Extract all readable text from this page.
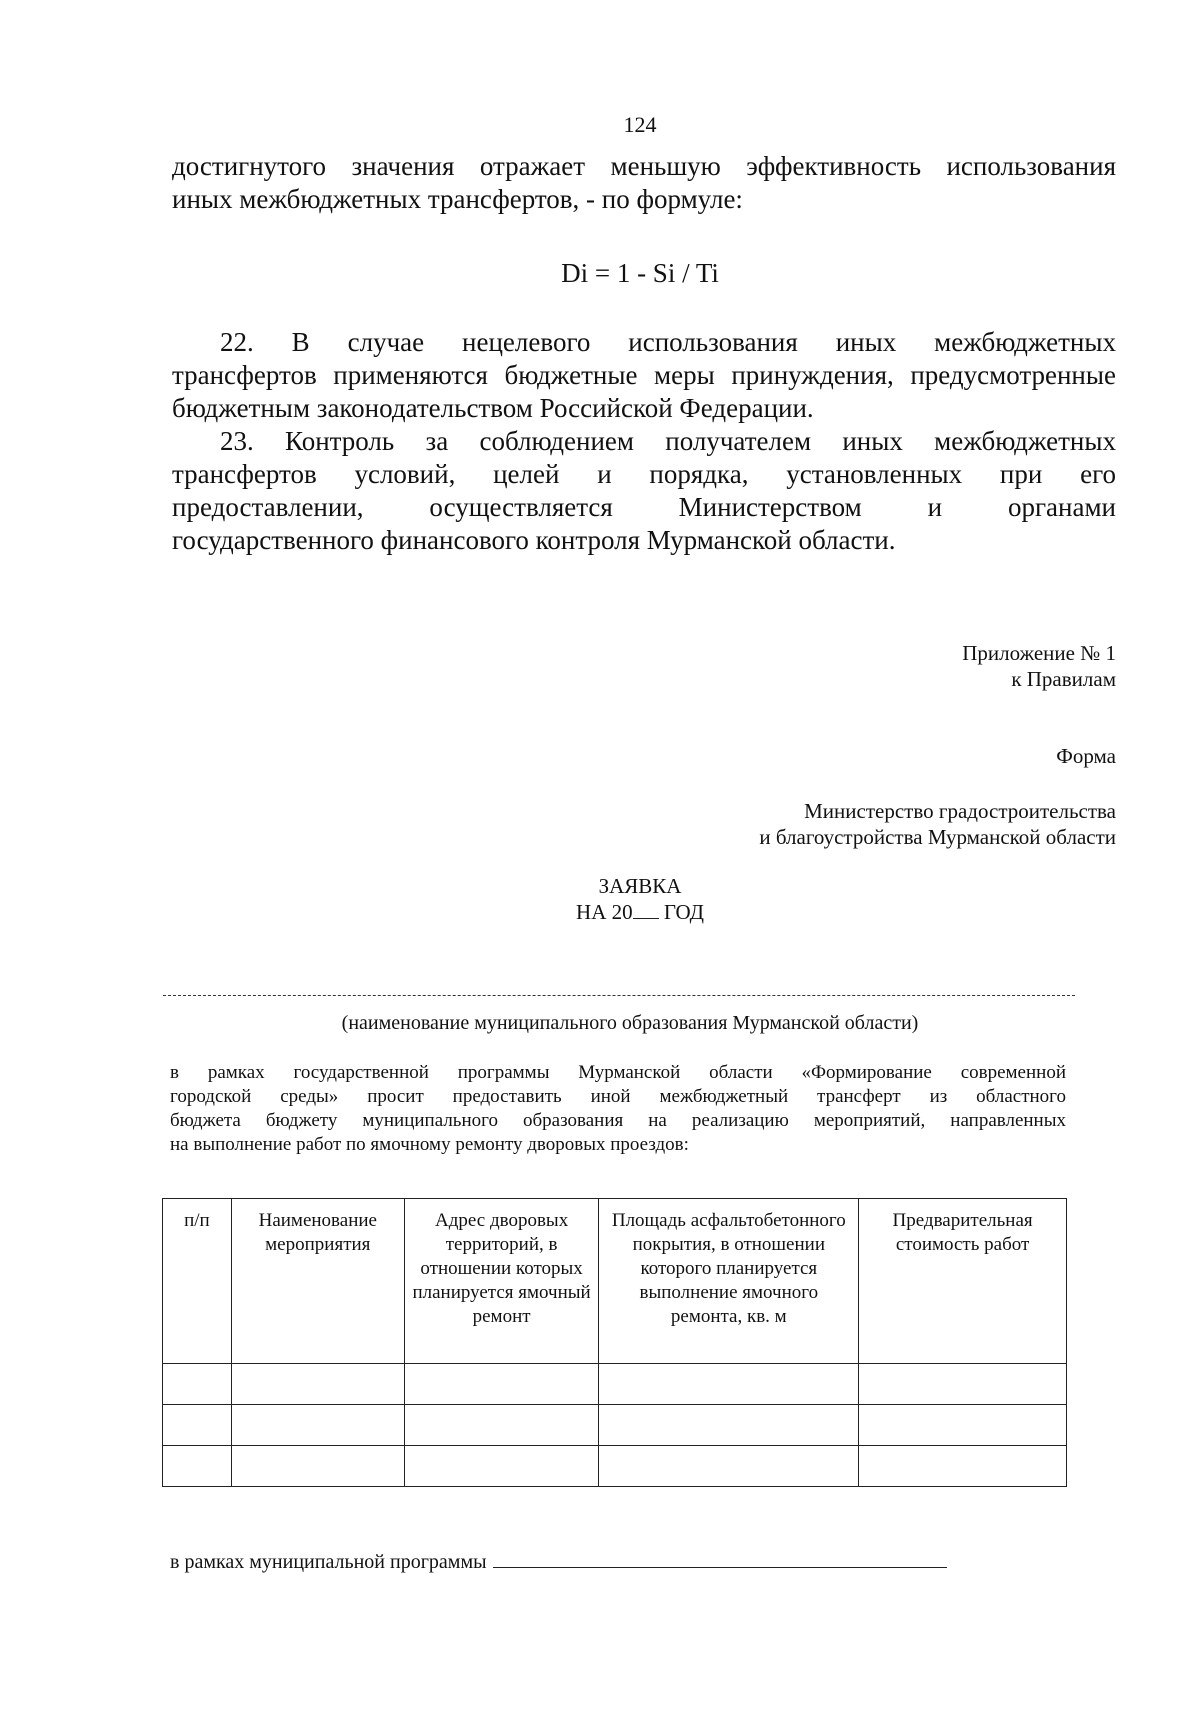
124
достигнутого значения отражает меньшую эффективность использования
иных межбюджетных трансфертов, - по формуле:
Di = 1 - Si / Ti
22. В случае нецелевого использования иных межбюджетных
трансфертов применяются бюджетные меры принуждения, предусмотренные
бюджетным законодательством Российской Федерации.
23. Контроль за соблюдением получателем иных межбюджетных
трансфертов условий, целей и порядка, установленных при его
предоставлении, осуществляется Министерством и органами
государственного финансового контроля Мурманской области.
Приложение № 1
к Правилам
Форма
Министерство градостроительства
и благоустройства Мурманской области
ЗАЯВКА
НА 20 ГОД
(наименование муниципального образования Мурманской области)
в рамках государственной программы Мурманской области «Формирование современной
городской среды» просит предоставить иной межбюджетный трансферт из областного
бюджета бюджету муниципального образования на реализацию мероприятий, направленных
на выполнение работ по ямочному ремонту дворовых проездов:
п/п	Наименование мероприятия	Адрес дворовых территорий, в отношении которых планируется ямочный ремонт	Площадь асфальтобетонного покрытия, в отношении которого планируется выполнение ямочного ремонта, кв. м	Предварительная стоимость работ

в рамках муниципальной программы
